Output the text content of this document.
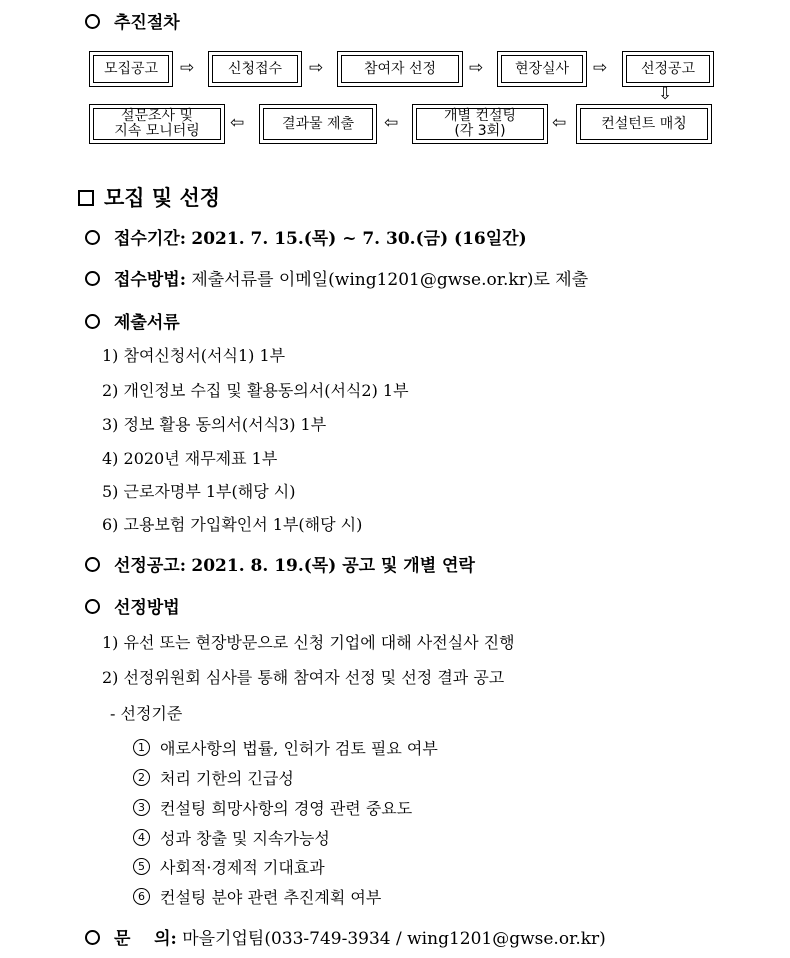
추진절차
모집공고	⇨	신청접수	⇨	참여자 선정	⇨	현장실사	⇨	선정공고
⇩
컨설턴트 매칭
⇦
개별 컨설팅
(각 3회)
⇦
결과물 제출
⇦
설문조사 및
지속 모니터링
모집 및 선정
접수기간: 2021. 7. 15.(목) ~ 7. 30.(금) (16일간)
접수방법: 제출서류를 이메일(wing1201@gwse.or.kr)로 제출
제출서류
1) 참여신청서(서식1) 1부
2) 개인정보 수집 및 활용동의서(서식2) 1부
3) 정보 활용 동의서(서식3) 1부
4) 2020년 재무제표 1부
5) 근로자명부 1부(해당 시)
6) 고용보험 가입확인서 1부(해당 시)
선정공고: 2021. 8. 19.(목) 공고 및 개별 연락
선정방법
1) 유선 또는 현장방문으로 신청 기업에 대해 사전실사 진행
2) 선정위원회 심사를 통해 참여자 선정 및 선정 결과 공고
- 선정기준
1 애로사항의 법률, 인허가 검토 필요 여부
2 처리 기한의 긴급성
3 컨설팅 희망사항의 경영 관련 중요도
4 성과 창출 및 지속가능성
5 사회적·경제적 기대효과
6 컨설팅 분야 관련 추진계획 여부
문    의: 마을기업팀(033-749-3934 / wing1201@gwse.or.kr)
